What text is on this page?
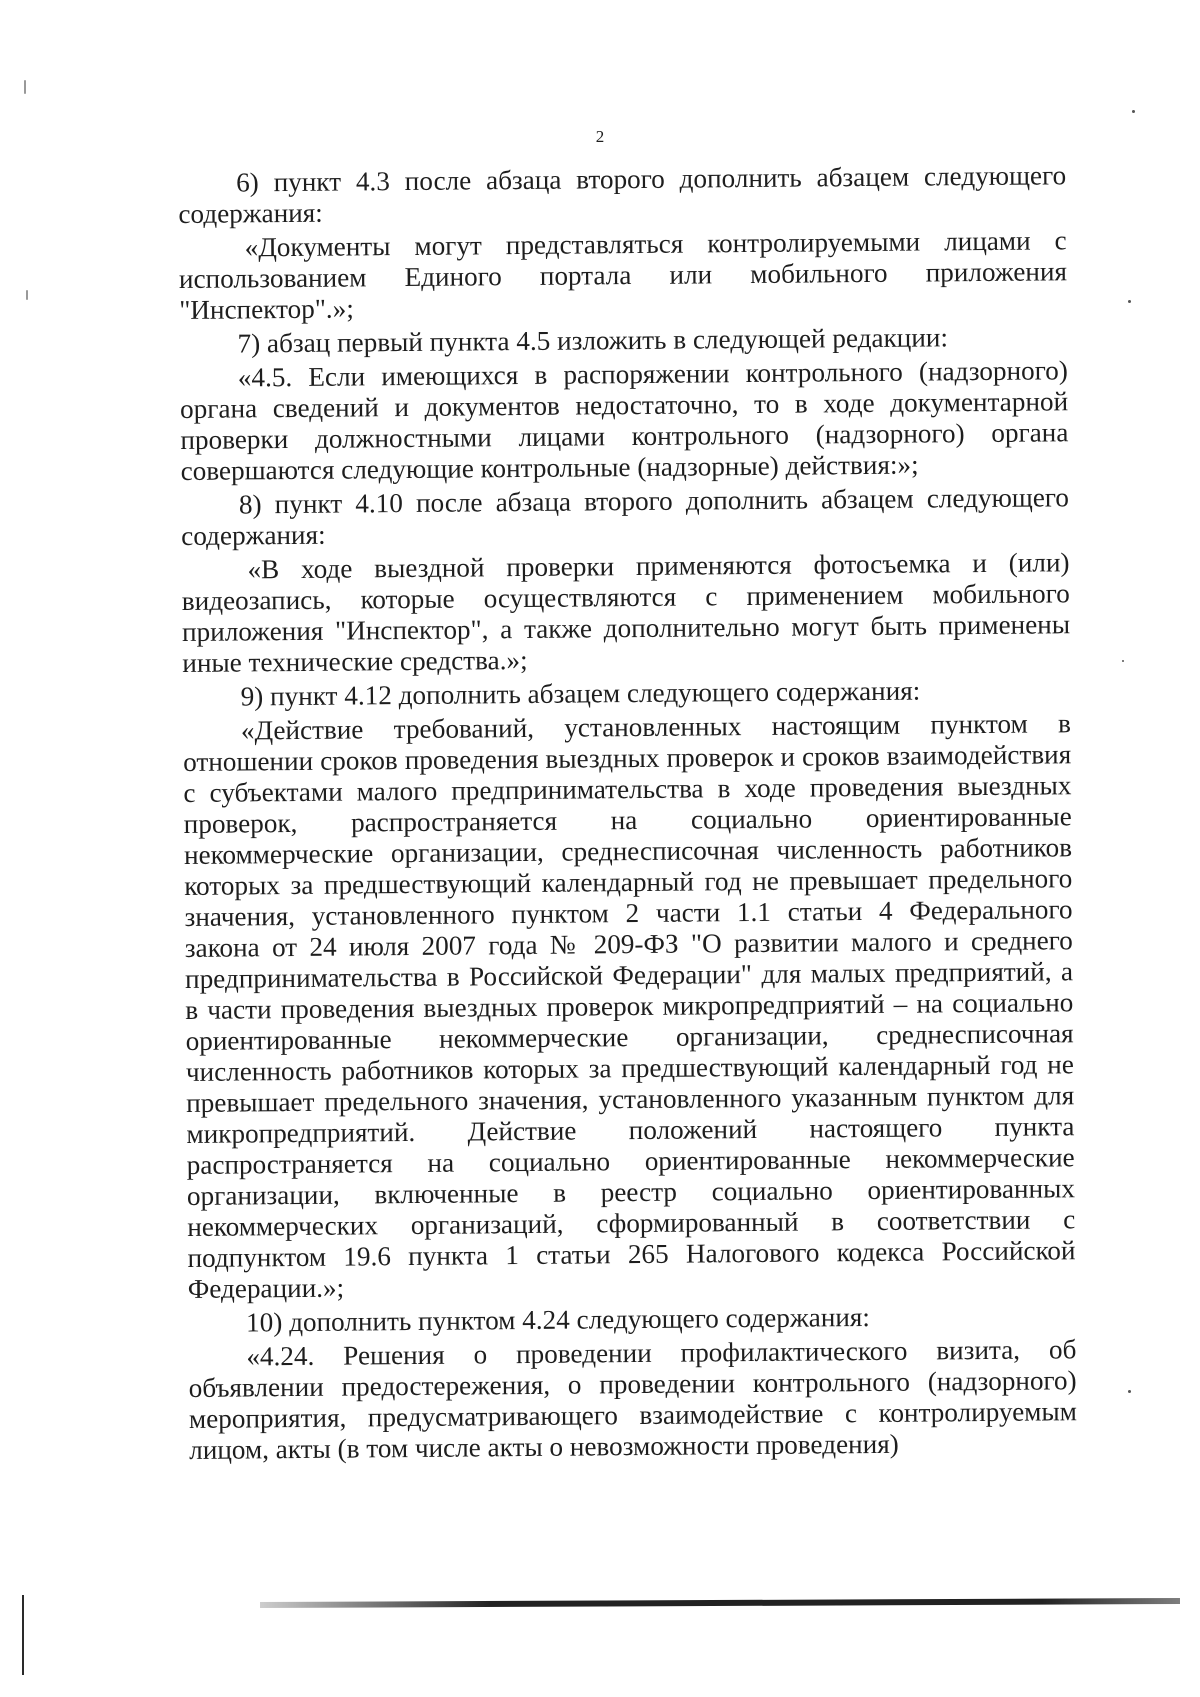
2

6) пункт 4.3 после абзаца второго дополнить абзацем следующего содержания:

«Документы могут представляться контролируемыми лицами с использованием Единого портала или мобильного приложения "Инспектор".»;

7) абзац первый пункта 4.5 изложить в следующей редакции:

«4.5. Если имеющихся в распоряжении контрольного (надзорного) органа сведений и документов недостаточно, то в ходе документарной проверки должностными лицами контрольного (надзорного) органа совершаются следующие контрольные (надзорные) действия:»;

8) пункт 4.10 после абзаца второго дополнить абзацем следующего содержания:

«В ходе выездной проверки применяются фотосъемка и (или) видеозапись, которые осуществляются с применением мобильного приложения "Инспектор", а также дополнительно могут быть применены иные технические средства.»;

9) пункт 4.12 дополнить абзацем следующего содержания:

«Действие требований, установленных настоящим пунктом в отношении сроков проведения выездных проверок и сроков взаимодействия с субъектами малого предпринимательства в ходе проведения выездных проверок, распространяется на социально ориентированные некоммерческие организации, среднесписочная численность работников которых за предшествующий календарный год не превышает предельного значения, установленного пунктом 2 части 1.1 статьи 4 Федерального закона от 24 июля 2007 года № 209-ФЗ "О развитии малого и среднего предпринимательства в Российской Федерации" для малых предприятий, а в части проведения выездных проверок микропредприятий – на социально ориентированные некоммерческие организации, среднесписочная численность работников которых за предшествующий календарный год не превышает предельного значения, установленного указанным пунктом для микропредприятий. Действие положений настоящего пункта распространяется на социально ориентированные некоммерческие организации, включенные в реестр социально ориентированных некоммерческих организаций, сформированный в соответствии с подпунктом 19.6 пункта 1 статьи 265 Налогового кодекса Российской Федерации.»;

10) дополнить пунктом 4.24 следующего содержания:

«4.24. Решения о проведении профилактического визита, об объявлении предостережения, о проведении контрольного (надзорного) мероприятия, предусматривающего взаимодействие с контролируемым лицом, акты (в том числе акты о невозможности проведения)
